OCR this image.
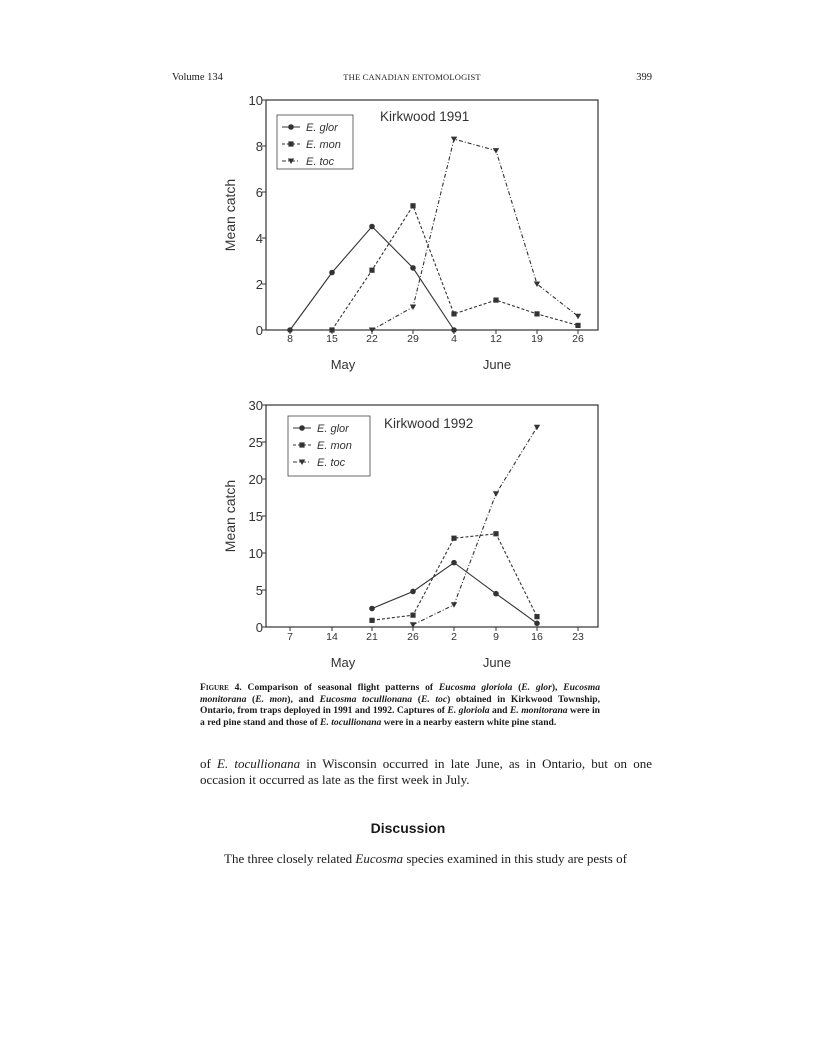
Volume 134	THE CANADIAN ENTOMOLOGIST	399
0
2
4
6
8
10
8	15	22	29	4	12	19	26
May	June
Mean catch
Kirkwood 1991
E. glor
E. mon
E. toc
0
5
10
15
20
25
30
7	14	21	26	2	9	16	23
May	June
Mean catch
Kirkwood 1992
E. glor
E. mon
E. toc
Figure 4. Comparison of seasonal flight patterns of Eucosma gloriola (E. glor), Eucosma monitorana (E. mon), and Eucosma tocullionana (E. toc) obtained in Kirkwood Township, Ontario, from traps deployed in 1991 and 1992. Captures of E. gloriola and E. monitorana were in a red pine stand and those of E. tocullionana were in a nearby eastern white pine stand.

of E. tocullionana in Wisconsin occurred in late June, as in Ontario, but on one occasion it occurred as late as the first week in July.

Discussion

The three closely related Eucosma species examined in this study are pests of
